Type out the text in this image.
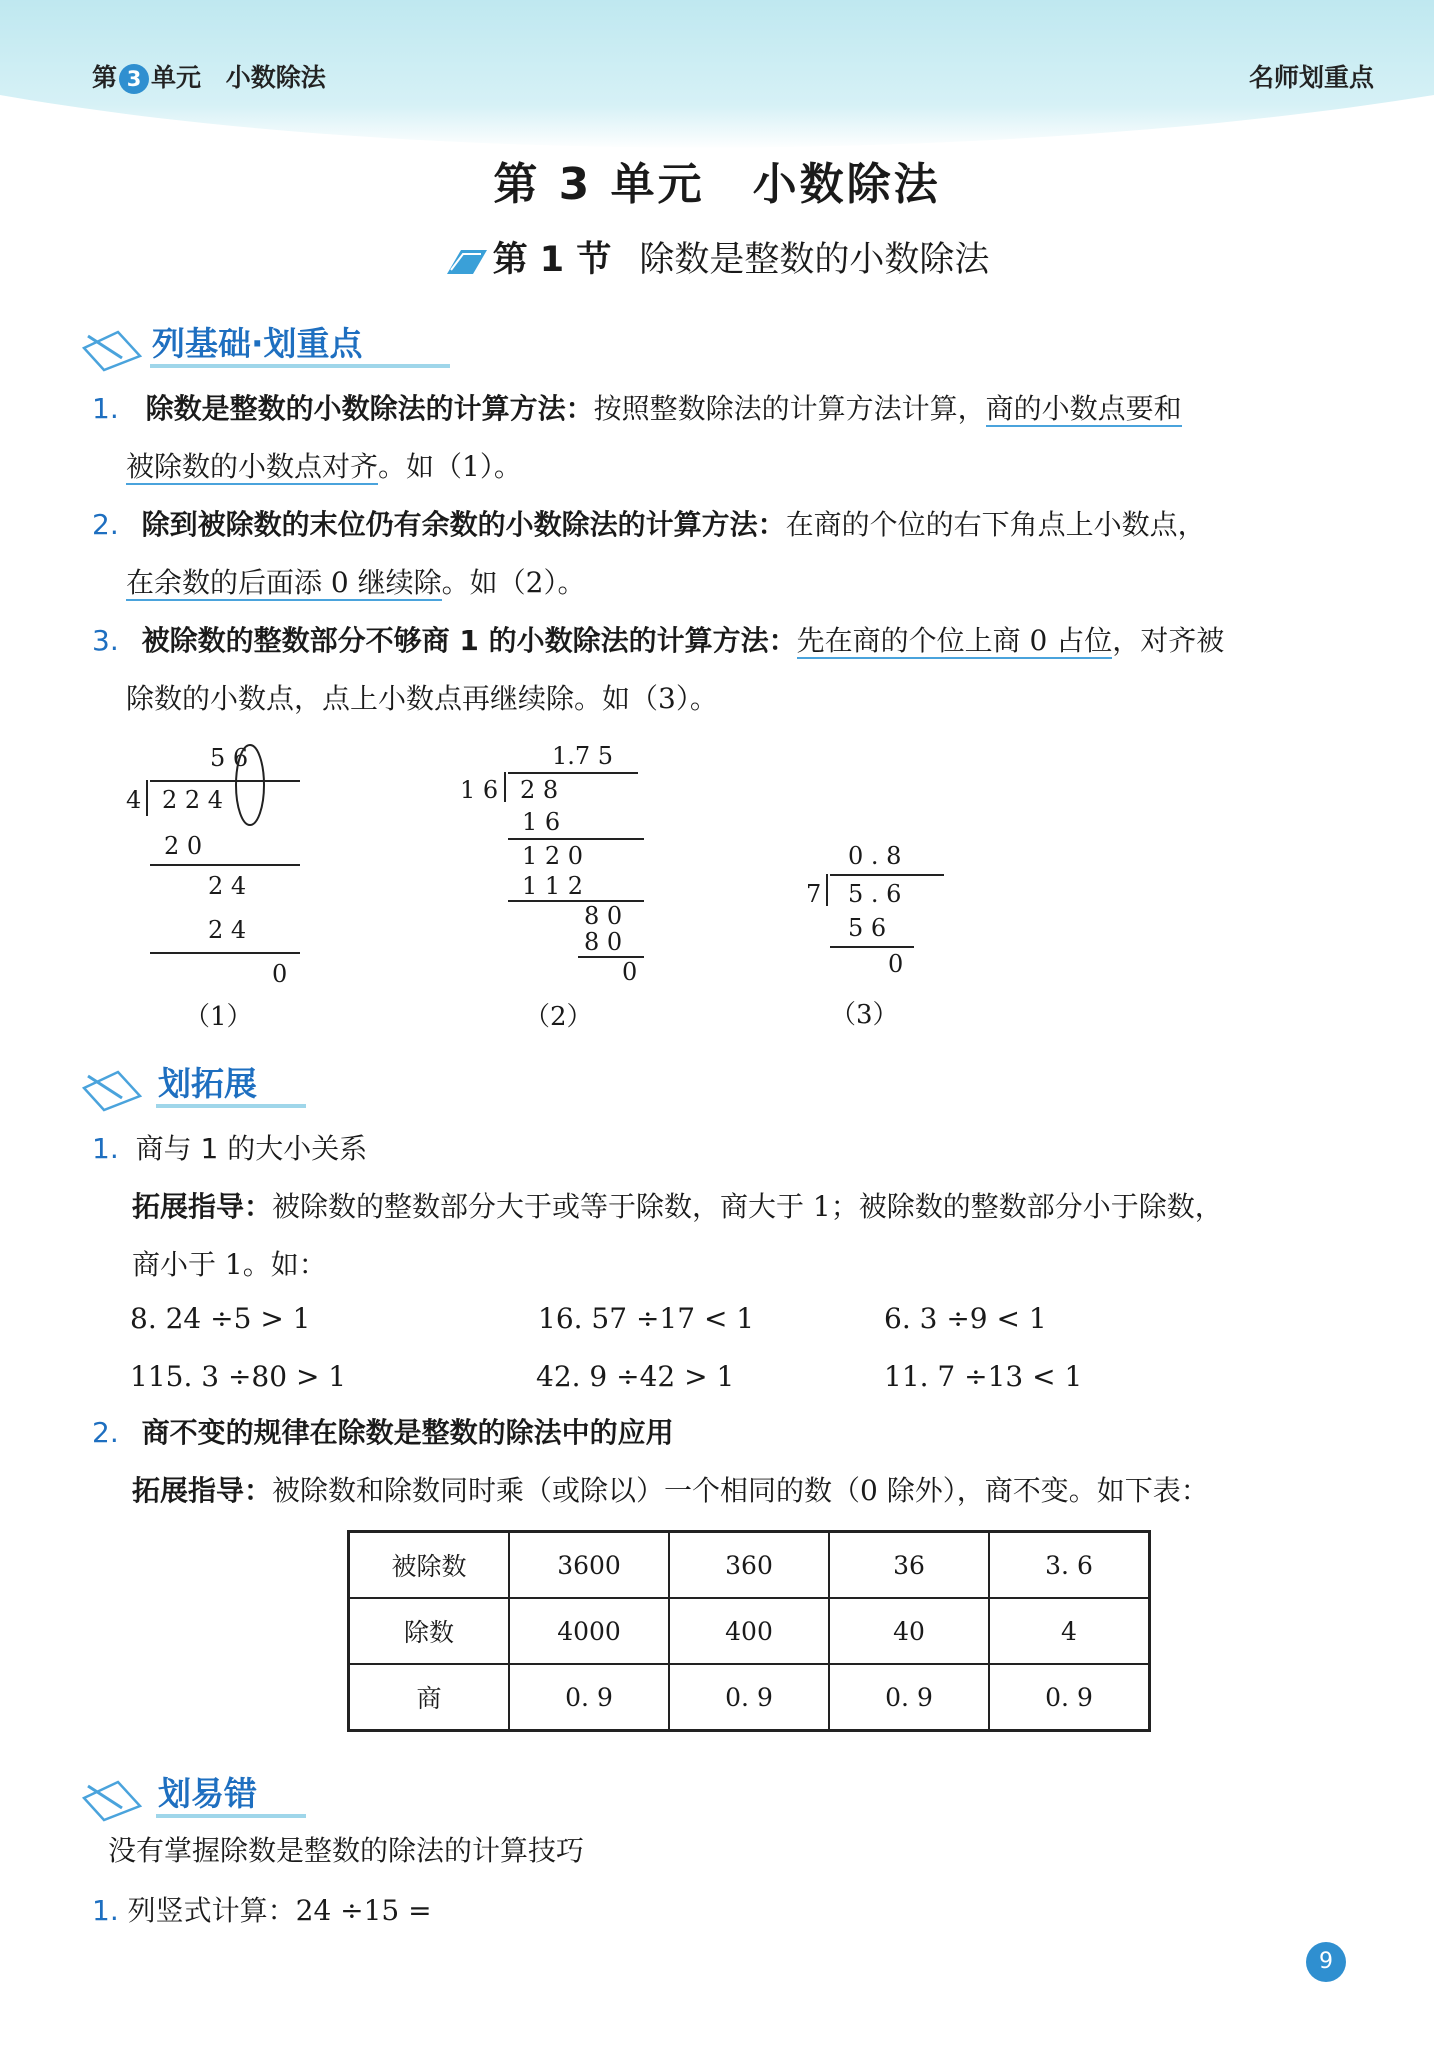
第 3 单元 小数除法	名师划重点
第 3 单元 小数除法
第 1 节 除数是整数的小数除法
列基础·划重点
1. 除数是整数的小数除法的计算方法：按照整数除法的计算方法计算，商的小数点要和
被除数的小数点对齐。如（1）。
2. 除到被除数的末位仍有余数的小数除法的计算方法：在商的个位的右下角点上小数点，
在余数的后面添 0 继续除。如（2）。
3. 被除数的整数部分不够商 1 的小数除法的计算方法：先在商的个位上商 0 占位，对齐被
除数的小数点，点上小数点再继续除。如（3）。
5 6
4 2 2 4
2 0
2 4
2 4
0
（1）
1.7 5
1 6 2 8
1 6
1 2 0
1 1 2
8 0
8 0
0
（2）
0 . 8
7 5 . 6
5 6
0
（3）
划拓展
1. 商与 1 的大小关系
拓展指导：被除数的整数部分大于或等于除数，商大于 1；被除数的整数部分小于除数，
商小于 1。如：
8. 24 ÷5 > 1	16. 57 ÷17 < 1	6. 3 ÷9 < 1
115. 3 ÷80 > 1	42. 9 ÷42 > 1	11. 7 ÷13 < 1
2. 商不变的规律在除数是整数的除法中的应用
拓展指导：被除数和除数同时乘（或除以）一个相同的数（0 除外），商不变。如下表：
被除数	3600	360	36	3. 6
除数	4000	400	40	4
商	0. 9	0. 9	0. 9	0. 9
划易错
没有掌握除数是整数的除法的计算技巧
1. 列竖式计算：24 ÷15 =
9
